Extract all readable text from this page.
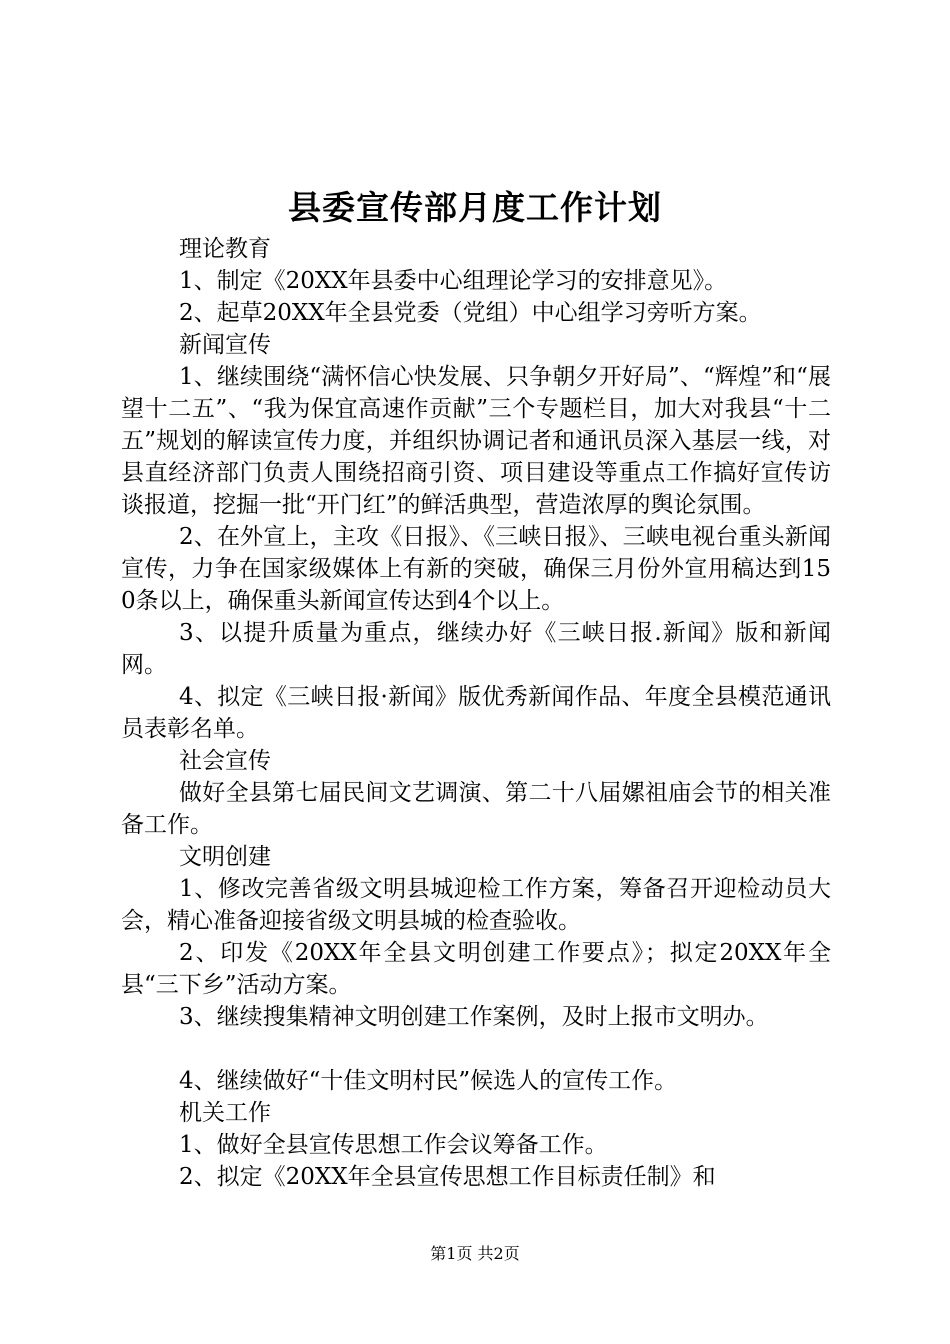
县委宣传部月度工作计划

理论教育

1、制定《20XX年县委中心组理论学习的安排意见》。

2、起草20XX年全县党委（党组）中心组学习旁听方案。

新闻宣传

1、继续围绕“满怀信心快发展、只争朝夕开好局”、“辉煌”和“展望十二五”、“我为保宜高速作贡献”三个专题栏目，加大对我县“十二五”规划的解读宣传力度，并组织协调记者和通讯员深入基层一线，对县直经济部门负责人围绕招商引资、项目建设等重点工作搞好宣传访谈报道，挖掘一批“开门红”的鲜活典型，营造浓厚的舆论氛围。

2、在外宣上，主攻《日报》、《三峡日报》、三峡电视台重头新闻宣传，力争在国家级媒体上有新的突破，确保三月份外宣用稿达到150条以上，确保重头新闻宣传达到4个以上。

3、以提升质量为重点，继续办好《三峡日报.新闻》版和新闻网。

4、拟定《三峡日报·新闻》版优秀新闻作品、年度全县模范通讯员表彰名单。

社会宣传

做好全县第七届民间文艺调演、第二十八届嫘祖庙会节的相关准备工作。

文明创建

1、修改完善省级文明县城迎检工作方案，筹备召开迎检动员大会，精心准备迎接省级文明县城的检查验收。

2、印发《20XX年全县文明创建工作要点》；拟定20XX年全县“三下乡”活动方案。

3、继续搜集精神文明创建工作案例，及时上报市文明办。

4、继续做好“十佳文明村民”候选人的宣传工作。

机关工作

1、做好全县宣传思想工作会议筹备工作。

2、拟定《20XX年全县宣传思想工作目标责任制》和

第1页 共2页
